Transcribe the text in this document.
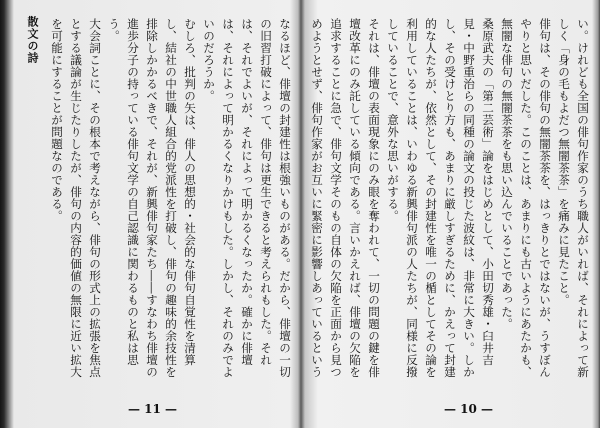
散文の詩	なるほど、俳壇の封建性は根強いものがある。だから、俳壇の一切の旧習打破によって、俳句は更生できると考えられもした。それは、それでよいが、それによって明かるくなったか。確かに俳壇は、それによって明かるくなりかけもした。しかし、それのみでよいのだろうか。
むしろ、批判の矢は、俳人の思想的・社会的な俳句自覚性を清算し、結社の中世職人組合的党派性を打破し、俳句の趣味的余技性を排除しかかるべきで、それが、新興俳句家たち――すなわち俳壇の進歩分子の持っている俳句文学の自己認識に関わるものと私は思う。
大会詞ことに、その根本で考えながら、俳句の形式上の拡張を焦点とする議論が生じたりしたが、俳句の内容的価値の無限に近い拡大を可能にすることが問題なのである。

— 11 —
い。けれども全国の俳句作家のうち職人がいれば、それによって新しく「身の毛もよだつ無闇茶茶」を痛みに見たこと。
俳句は、その俳句の無闇茶茶を、はっきりとではないが、うすぼんやりと思いだした。このことは、あまりにも古いようにあたかも、無闇な俳句の無闇茶茶をも思い込んでいることであった。
桑原武夫の「第二芸術」論をはじめとして、小田切秀雄・臼井吉見・中野重治らの同種の論文の投じた波紋は、非常に大きい。しかし、その受けとり方も、あまりに厳しすぎるために、かえって封建的な人たちが、依然として、その封建性を唯一の楯としてその論を利用していることは、いわゆる新興俳句派の人たちが、同様に反撥していることで、意外な思いがする。
それは、俳壇の表面現象にのみ眼を奪われて、一切の問題の鍵を俳壇改革にのみ託している傾向である。言いかえれば、俳壇の欠陥を追求することに急で、俳句文学そのもの自体の欠陥を正面から見つめようとせず、俳句作家がお互いに緊密に影響しあっているという

— 10 —
